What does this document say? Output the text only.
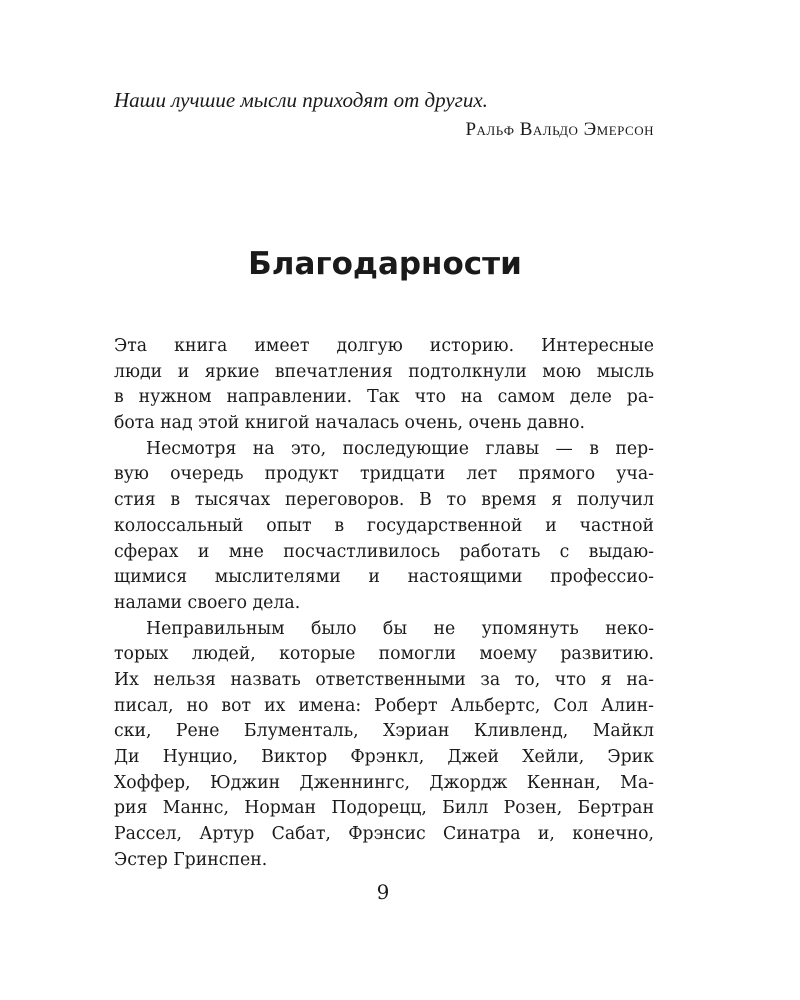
Наши лучшие мысли приходят от других.
Ральф Вальдо Эмерсон
Благодарности
Эта книга имеет долгую историю. Интересные
люди и яркие впечатления подтолкнули мою мысль
в нужном направлении. Так что на самом деле ра-
бота над этой книгой началась очень, очень давно.
Несмотря на это, последующие главы — в пер-
вую очередь продукт тридцати лет прямого уча-
стия в тысячах переговоров. В то время я получил
колоссальный опыт в государственной и частной
сферах и мне посчастливилось работать с выдаю-
щимися мыслителями и настоящими профессио-
налами своего дела.
Неправильным было бы не упомянуть неко-
торых людей, которые помогли моему развитию.
Их нельзя назвать ответственными за то, что я на-
писал, но вот их имена: Роберт Альбертс, Сол Алин-
ски, Рене Блументаль, Хэриан Кливленд, Майкл
Ди Нунцио, Виктор Фрэнкл, Джей Хейли, Эрик
Хоффер, Юджин Дженнингс, Джордж Кеннан, Ма-
рия Маннс, Норман Подорецц, Билл Розен, Бертран
Рассел, Артур Сабат, Фрэнсис Синатра и, конечно,
Эстер Гринспен.
9
